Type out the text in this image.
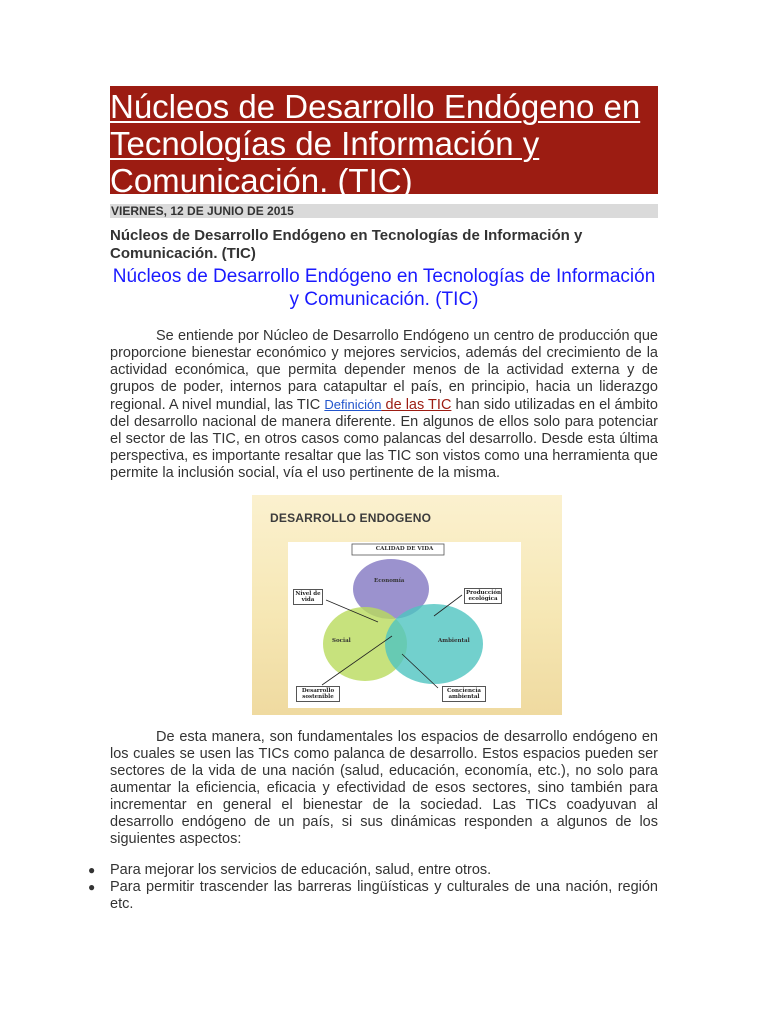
Núcleos de Desarrollo Endógeno en Tecnologías de Información y Comunicación. (TIC)
VIERNES, 12 DE JUNIO DE 2015
Núcleos de Desarrollo Endógeno en Tecnologías de Información y Comunicación. (TIC)
Núcleos de Desarrollo Endógeno en Tecnologías de Información y Comunicación. (TIC)
Se entiende por Núcleo de Desarrollo Endógeno un centro de producción que proporcione bienestar económico y mejores servicios, además del crecimiento de la actividad económica, que permita depender menos de la actividad externa y de grupos de poder, internos para catapultar el país, en principio, hacia un liderazgo regional. A nivel mundial, las TIC Definición de las TIC han sido utilizadas en el ámbito del desarrollo nacional de manera diferente. En algunos de ellos solo para potenciar el sector de las TIC, en otros casos como palancas del desarrollo. Desde esta última perspectiva, es importante resaltar que las TIC son vistos como una herramienta que permite la inclusión social, vía el uso pertinente de la misma.
DESARROLLO ENDOGENO
CALIDAD DE VIDA
Economía
Social	Ambiental
Nivel de vida
Producción ecológica
Desarrollo sostenible
Conciencia ambiental
De esta manera, son fundamentales los espacios de desarrollo endógeno en los cuales se usen las TICs como palanca de desarrollo. Estos espacios pueden ser sectores de la vida de una nación (salud, educación, economía, etc.), no solo para aumentar la eficiencia, eficacia y efectividad de esos sectores, sino también para incrementar en general el bienestar de la sociedad. Las TICs coadyuvan al desarrollo endógeno de un país, si sus dinámicas responden a algunos de los siguientes aspectos:
●	Para mejorar los servicios de educación, salud, entre otros.
●	Para permitir trascender las barreras lingüísticas y culturales de una nación, región etc.
